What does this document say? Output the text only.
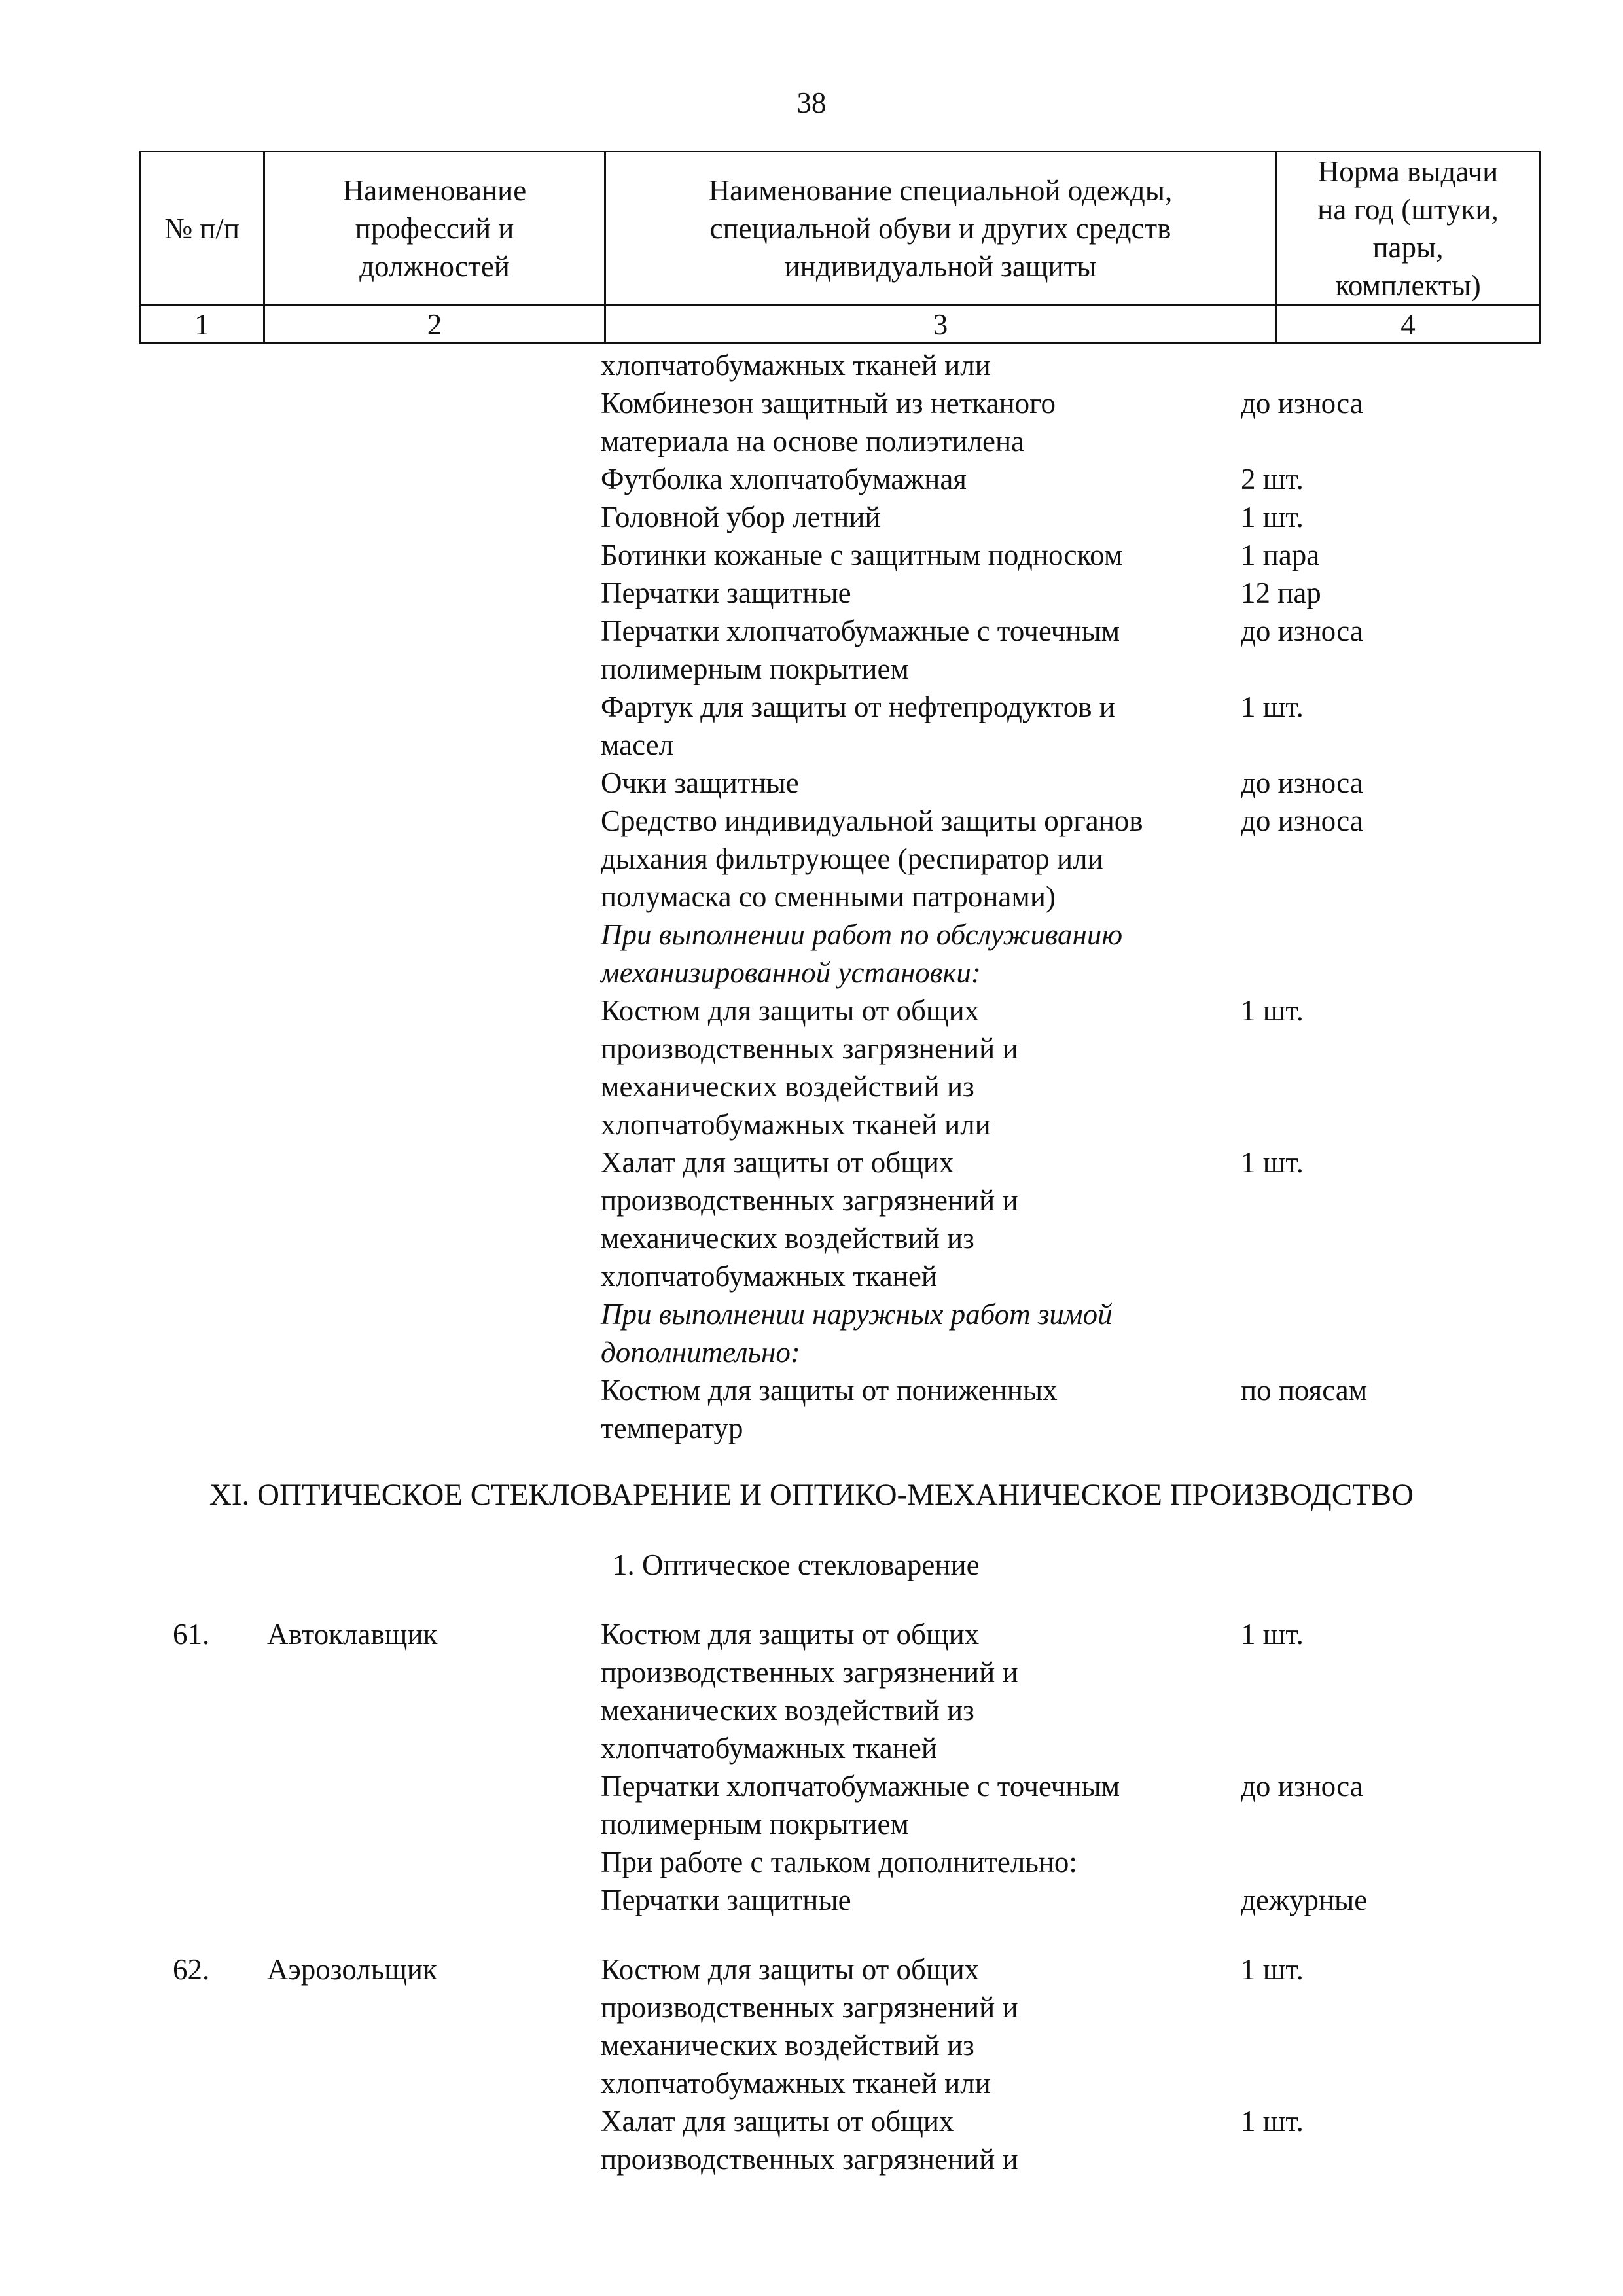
38
№ п/п	Наименование
профессий и
должностей	Наименование специальной одежды,
специальной обуви и других средств
индивидуальной защиты	Норма выдачи
на год (штуки,
пары,
комплекты)
1	2	3	4
хлопчатобумажных тканей или
Комбинезон защитный из нетканого	до износа
материала на основе полиэтилена
Футболка хлопчатобумажная	2 шт.
Головной убор летний	1 шт.
Ботинки кожаные с защитным подноском	1 пара
Перчатки защитные	12 пар
Перчатки хлопчатобумажные с точечным	до износа
полимерным покрытием
Фартук для защиты от нефтепродуктов и	1 шт.
масел
Очки защитные	до износа
Средство индивидуальной защиты органов	до износа
дыхания фильтрующее (респиратор или
полумаска со сменными патронами)
При выполнении работ по обслуживанию
механизированной установки:
Костюм для защиты от общих	1 шт.
производственных загрязнений и
механических воздействий из
хлопчатобумажных тканей или
Халат для защиты от общих	1 шт.
производственных загрязнений и
механических воздействий из
хлопчатобумажных тканей
При выполнении наружных работ зимой
дополнительно:
Костюм для защиты от пониженных	по поясам
температур
XI. ОПТИЧЕСКОЕ СТЕКЛОВАРЕНИЕ И ОПТИКО-МЕХАНИЧЕСКОЕ ПРОИЗВОДСТВО
1. Оптическое стекловарение
61. Автоклавщик	Костюм для защиты от общих	1 шт.
производственных загрязнений и
механических воздействий из
хлопчатобумажных тканей
Перчатки хлопчатобумажные с точечным	до износа
полимерным покрытием
При работе с тальком дополнительно:
Перчатки защитные	дежурные
62. Аэрозольщик	Костюм для защиты от общих	1 шт.
производственных загрязнений и
механических воздействий из
хлопчатобумажных тканей или
Халат для защиты от общих	1 шт.
производственных загрязнений и
